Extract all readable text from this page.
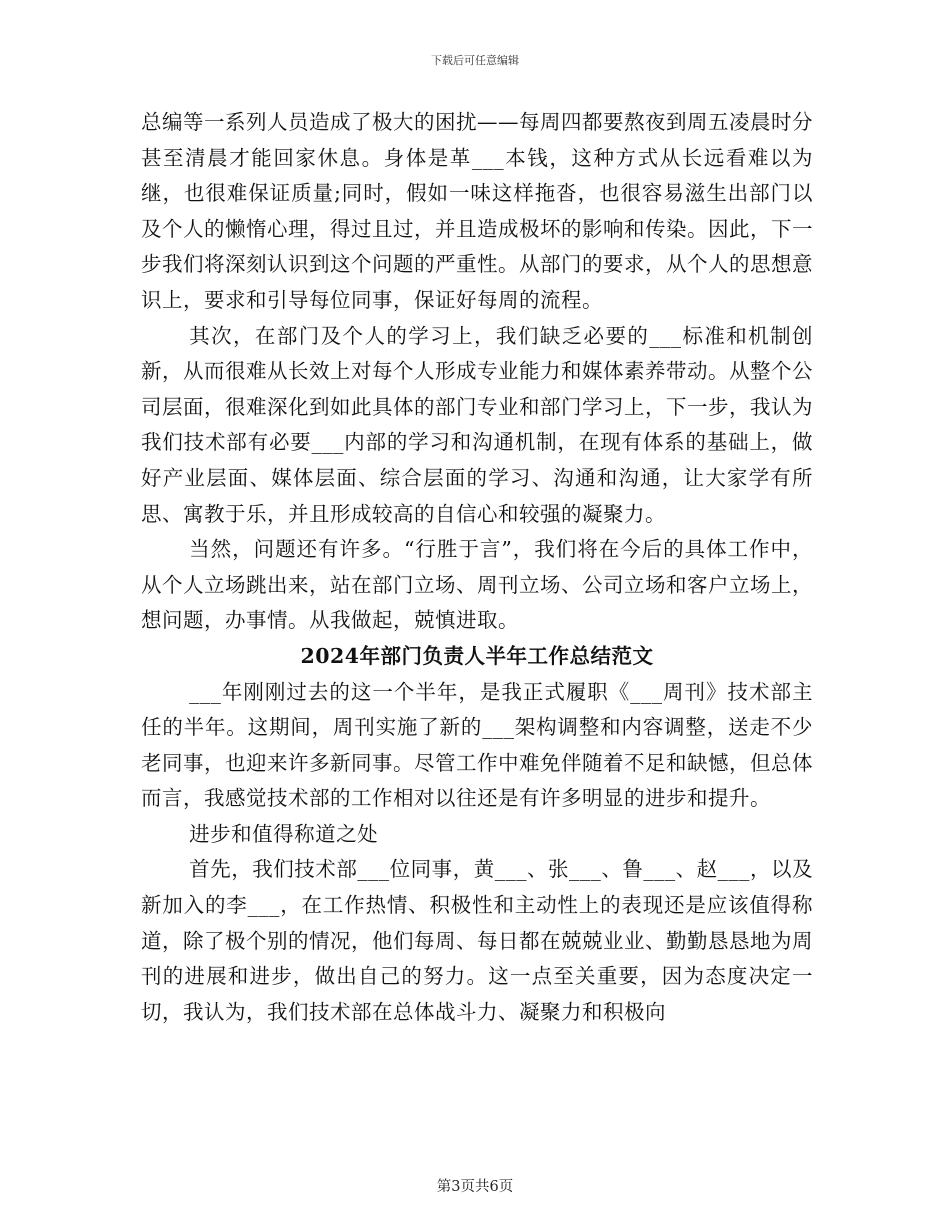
下载后可任意编辑

总编等一系列人员造成了极大的困扰——每周四都要熬夜到周五凌晨时分甚至清晨才能回家休息。身体是革___本钱，这种方式从长远看难以为继，也很难保证质量;同时，假如一味这样拖沓，也很容易滋生出部门以及个人的懒惰心理，得过且过，并且造成极坏的影响和传染。因此，下一步我们将深刻认识到这个问题的严重性。从部门的要求，从个人的思想意识上，要求和引导每位同事，保证好每周的流程。

其次，在部门及个人的学习上，我们缺乏必要的___标准和机制创新，从而很难从长效上对每个人形成专业能力和媒体素养带动。从整个公司层面，很难深化到如此具体的部门专业和部门学习上，下一步，我认为我们技术部有必要___内部的学习和沟通机制，在现有体系的基础上，做好产业层面、媒体层面、综合层面的学习、沟通和沟通，让大家学有所思、寓教于乐，并且形成较高的自信心和较强的凝聚力。

当然，问题还有许多。“行胜于言”，我们将在今后的具体工作中，从个人立场跳出来，站在部门立场、周刊立场、公司立场和客户立场上，想问题，办事情。从我做起，兢慎进取。

2024年部门负责人半年工作总结范文

___年刚刚过去的这一个半年，是我正式履职《___周刊》技术部主任的半年。这期间，周刊实施了新的___架构调整和内容调整，送走不少老同事，也迎来许多新同事。尽管工作中难免伴随着不足和缺憾，但总体而言，我感觉技术部的工作相对以往还是有许多明显的进步和提升。

进步和值得称道之处

首先，我们技术部___位同事，黄___、张___、鲁___、赵___，以及新加入的李___，在工作热情、积极性和主动性上的表现还是应该值得称道，除了极个别的情况，他们每周、每日都在兢兢业业、勤勤恳恳地为周刊的进展和进步，做出自己的努力。这一点至关重要，因为态度决定一切，我认为，我们技术部在总体战斗力、凝聚力和积极向

第3页共6页
